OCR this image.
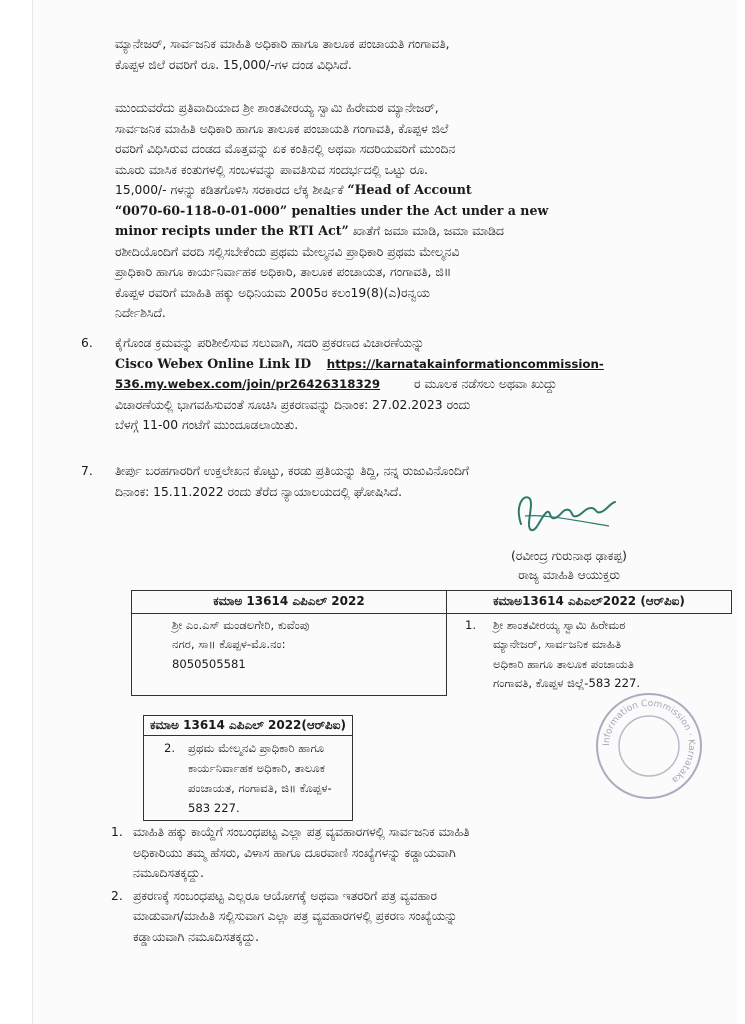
ಮ್ಯಾನೇಜರ್, ಸಾರ್ವಜನಿಕ ಮಾಹಿತಿ ಅಧಿಕಾರಿ ಹಾಗೂ ತಾಲೂಕ ಪಂಚಾಯತಿ ಗಂಗಾವತಿ,
ಕೊಪ್ಪಳ ಜಿಲೆ ರವರಿಗೆ ರೂ. 15,000/-ಗಳ ದಂಡ ವಿಧಿಸಿದೆ.
ಮುಂದುವರೆದು ಪ್ರತಿವಾದಿಯಾದ ಶ್ರೀ ಶಾಂತವೀರಯ್ಯ ಸ್ವಾಮಿ ಹಿರೇಮಠ ಮ್ಯಾನೇಜರ್,
ಸಾರ್ವಜನಿಕ ಮಾಹಿತಿ ಅಧಿಕಾರಿ ಹಾಗೂ ತಾಲೂಕ ಪಂಚಾಯತಿ ಗಂಗಾವತಿ, ಕೊಪ್ಪಳ ಜಿಲೆ
ರವರಿಗೆ ವಿಧಿಸಿರುವ ದಂಡದ ಮೊತ್ತವನ್ನು ಏಕ ಕಂತಿನಲ್ಲಿ ಅಥವಾ ಸದರಿಯವರಿಗೆ ಮುಂದಿನ
ಮೂರು ಮಾಸಿಕ ಕಂತುಗಳಲ್ಲಿ ಸಂಬಳವನ್ನು ಪಾವತಿಸುವ ಸಂದರ್ಭದಲ್ಲಿ ಒಟ್ಟು ರೂ.
15,000/- ಗಳನ್ನು ಕಡಿತಗೊಳಿಸಿ ಸರಕಾರದ ಲೆಕ್ಕ ಶೀರ್ಷಿಕೆ “Head of Account
“0070-60-118-0-01-000” penalties under the Act under a new
minor recipts under the RTI Act” ಖಾತೆಗೆ ಜಮಾ ಮಾಡಿ, ಜಮಾ ಮಾಡಿದ
ರಶೀದಿಯೊಂದಿಗೆ ವರದಿ ಸಲ್ಲಿಸಬೇಕೆಂದು ಪ್ರಥಮ ಮೇಲ್ಮನವಿ ಪ್ರಾಧಿಕಾರಿ ಪ್ರಥಮ ಮೇಲ್ಮನವಿ
ಪ್ರಾಧಿಕಾರಿ ಹಾಗೂ ಕಾರ್ಯನಿರ್ವಾಹಕ ಅಧಿಕಾರಿ, ತಾಲೂಕ ಪಂಚಾಯತ, ಗಂಗಾವತಿ, ಜಿ॥
ಕೊಪ್ಪಳ ರವರಿಗೆ ಮಾಹಿತಿ ಹಕ್ಕು ಅಧಿನಿಯಮ 2005ರ ಕಲಂ19(8)(ಎ)ರನ್ವಯ
ನಿರ್ದೇಶಿಸಿದೆ.
6. ಕೈಗೊಂಡ ಕ್ರಮವನ್ನು ಪರಿಶೀಲಿಸುವ ಸಲುವಾಗಿ, ಸದರಿ ಪ್ರಕರಣದ ವಿಚಾರಣೆಯನ್ನು
Cisco Webex Online Link ID https://karnatakainformationcommission-
536.my.webex.com/join/pr26426318329	ರ ಮೂಲಕ ನಡೆಸಲು ಅಥವಾ ಖುದ್ದು
ವಿಚಾರಣೆಯಲ್ಲಿ ಭಾಗವಹಿಸುವಂತೆ ಸೂಚಿಸಿ ಪ್ರಕರಣವನ್ನು ದಿನಾಂಕ: 27.02.2023 ರಂದು
ಬೆಳಗ್ಗೆ 11-00 ಗಂಟೆಗೆ ಮುಂದೂಡಲಾಯಿತು.
7. ತೀರ್ಪು ಬರಹಗಾರರಿಗೆ ಉಕ್ತಲೇಖನ ಕೊಟ್ಟು, ಕರಡು ಪ್ರತಿಯನ್ನು ತಿದ್ದಿ, ನನ್ನ ರುಜುವಿನೊಂದಿಗೆ
ದಿನಾಂಕ: 15.11.2022 ರಂದು ತೆರೆದ ನ್ಯಾಯಾಲಯದಲ್ಲಿ ಘೋಷಿಸಿದೆ.
(ರವೀಂದ್ರ ಗುರುನಾಥ ಢಾಕಪ್ಪ)
ರಾಜ್ಯ ಮಾಹಿತಿ ಆಯುಕ್ತರು
ಕಮಾಅ 13614 ಎಪಿಎಲ್ 2022	ಕಮಾಅ13614 ಎಪಿಎಲ್2022 (ಆರ್‌ಪಿಐ)

ಶ್ರೀ ಎಂ.ಎಸ್ ಮಂಡಲಗೇರಿ, ಕುವೆಂಪು
ನಗರ, ಸಾ॥ ಕೊಪ್ಪಳ-ಮೊ.ನಂ:
8050505581	1. ಶ್ರೀ ಶಾಂತವೀರಯ್ಯ ಸ್ವಾಮಿ ಹಿರೇಮಠ
ಮ್ಯಾನೇಜರ್, ಸಾರ್ವಜನಿಕ ಮಾಹಿತಿ
ಅಧಿಕಾರಿ ಹಾಗೂ ತಾಲೂಕ ಪಂಚಾಯತಿ
ಗಂಗಾವತಿ, ಕೊಪ್ಪಳ ಜಿಲ್ಲೆ-583 227.
ಕಮಾಅ 13614 ಎಪಿಎಲ್ 2022(ಆರ್‌ಪಿಐ)

2. ಪ್ರಥಮ ಮೇಲ್ಮನವಿ ಪ್ರಾಧಿಕಾರಿ ಹಾಗೂ
ಕಾರ್ಯನಿರ್ವಾಹಕ ಅಧಿಕಾರಿ, ತಾಲೂಕ
ಪಂಚಾಯತ, ಗಂಗಾವತಿ, ಜಿ॥ ಕೊಪ್ಪಳ-
583 227.
Information Commission · Karnataka
1. ಮಾಹಿತಿ ಹಕ್ಕು ಕಾಯ್ದೆಗೆ ಸಂಬಂಧಪಟ್ಟ ಎಲ್ಲಾ ಪತ್ರ ವ್ಯವಹಾರಗಳಲ್ಲಿ ಸಾರ್ವಜನಿಕ ಮಾಹಿತಿ
ಅಧಿಕಾರಿಯು ತಮ್ಮ ಹೆಸರು, ವಿಳಾಸ ಹಾಗೂ ದೂರವಾಣಿ ಸಂಖ್ಯೆಗಳನ್ನು ಕಡ್ಡಾಯವಾಗಿ
ನಮೂದಿಸತಕ್ಕದ್ದು.
2. ಪ್ರಕರಣಕ್ಕೆ ಸಂಬಂಧಪಟ್ಟ ಎಲ್ಲರೂ ಆಯೋಗಕ್ಕೆ ಅಥವಾ ಇತರರಿಗೆ ಪತ್ರ ವ್ಯವಹಾರ
ಮಾಡುವಾಗ/ಮಾಹಿತಿ ಸಲ್ಲಿಸುವಾಗ ಎಲ್ಲಾ ಪತ್ರ ವ್ಯವಹಾರಗಳಲ್ಲಿ ಪ್ರಕರಣ ಸಂಖ್ಯೆಯನ್ನು
ಕಡ್ಡಾಯವಾಗಿ ನಮೂದಿಸತಕ್ಕದ್ದು.
